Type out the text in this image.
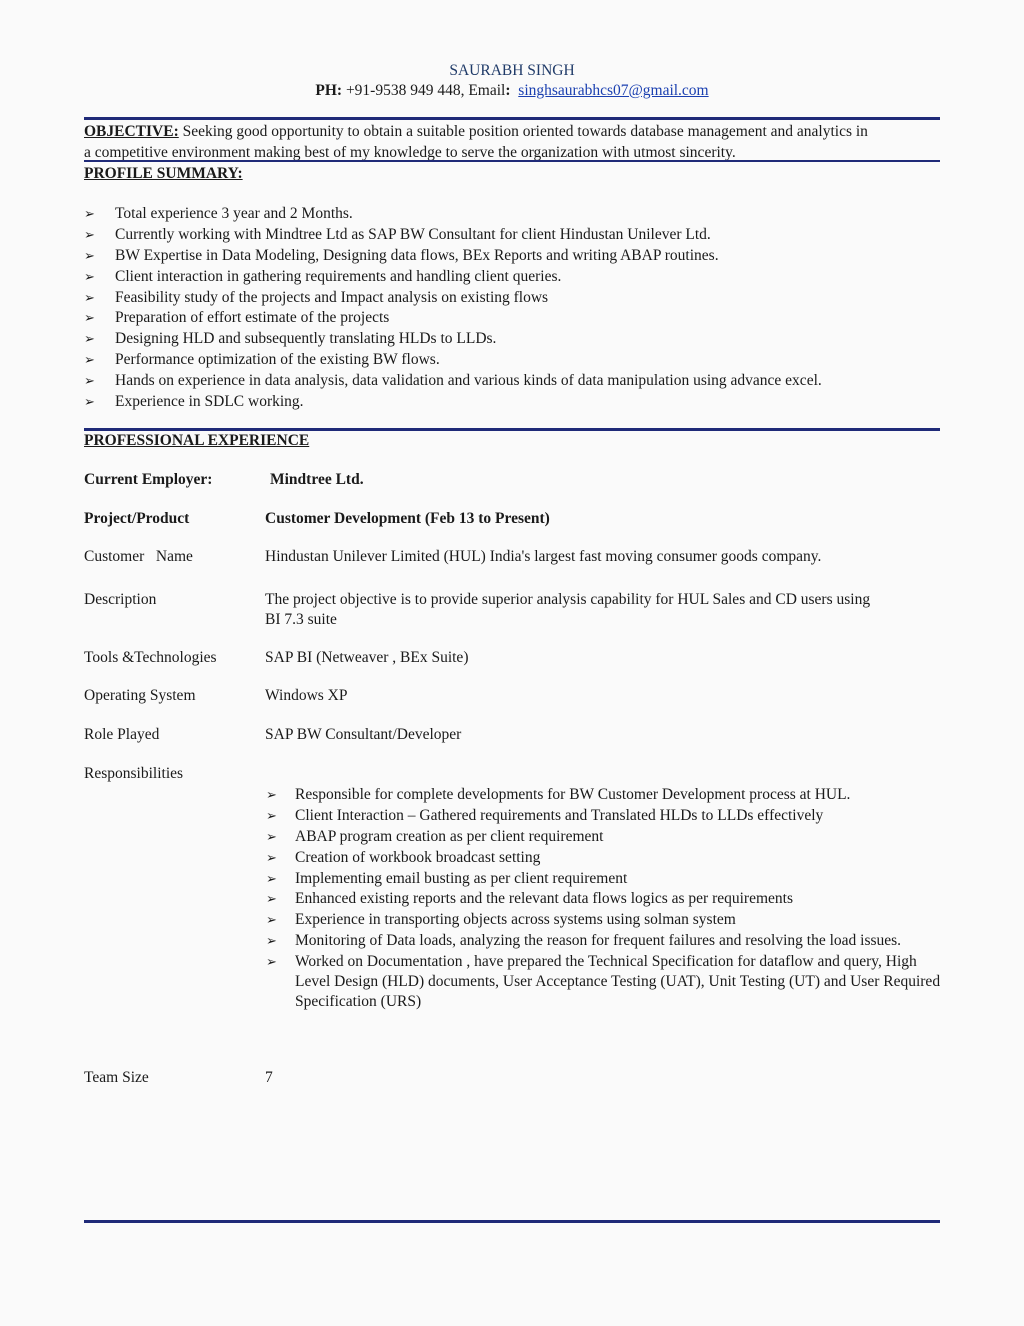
SAURABH SINGH
PH: +91-9538 949 448, Email: singhsaurabhcs07@gmail.com
OBJECTIVE: Seeking good opportunity to obtain a suitable position oriented towards database management and analytics in
a competitive environment making best of my knowledge to serve the organization with utmost sincerity.
PROFILE SUMMARY:
➢ Total experience 3 year and 2 Months.
➢ Currently working with Mindtree Ltd as SAP BW Consultant for client Hindustan Unilever Ltd.
➢ BW Expertise in Data Modeling, Designing data flows, BEx Reports and writing ABAP routines.
➢ Client interaction in gathering requirements and handling client queries.
➢ Feasibility study of the projects and Impact analysis on existing flows
➢ Preparation of effort estimate of the projects
➢ Designing HLD and subsequently translating HLDs to LLDs.
➢ Performance optimization of the existing BW flows.
➢ Hands on experience in data analysis, data validation and various kinds of data manipulation using advance excel.
➢ Experience in SDLC working.
PROFESSIONAL EXPERIENCE
Current Employer:	Mindtree Ltd.
Project/Product	Customer Development (Feb 13 to Present)
Customer   Name	Hindustan Unilever Limited (HUL) India's largest fast moving consumer goods company.
Description	The project objective is to provide superior analysis capability for HUL Sales and CD users using
BI 7.3 suite
Tools &Technologies	SAP BI (Netweaver , BEx Suite)
Operating System	Windows XP
Role Played	SAP BW Consultant/Developer
Responsibilities
➢ Responsible for complete developments for BW Customer Development process at HUL.
➢ Client Interaction – Gathered requirements and Translated HLDs to LLDs effectively
➢ ABAP program creation as per client requirement
➢ Creation of workbook broadcast setting
➢ Implementing email busting as per client requirement
➢ Enhanced existing reports and the relevant data flows logics as per requirements
➢ Experience in transporting objects across systems using solman system
➢ Monitoring of Data loads, analyzing the reason for frequent failures and resolving the load issues.
➢ Worked on Documentation , have prepared the Technical Specification for dataflow and query, High Level Design (HLD) documents, User Acceptance Testing (UAT), Unit Testing (UT) and User Required Specification (URS)
Team Size	7
